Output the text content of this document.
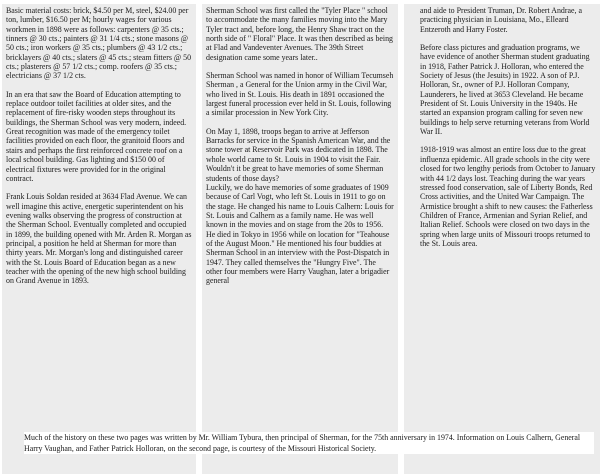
Basic material costs: brick, $4.50 per M, steel, $24.00 per ton, lumber, $16.50 per M; hourly wages for various workmen in 1898 were as follows: carpenters @ 35 cts.; tinners @ 30 cts.; painters @ 31 1/4 cts.; stone masons @ 50 cts.; iron workers @ 35 cts.; plumbers @ 43 1/2 cts.; bricklayers @ 40 cts.; slaters @ 45 cts.; steam fitters @ 50 cts.; plasterers @ 57 1/2 cts.; comp. roofers @ 35 cts.; electricians @ 37 1/2 cts.

In an era that saw the Board of Education attempting to replace outdoor toilet facilities at older sites, and the replacement of fire-risky wooden steps throughout its buildings, the Sherman School was very modern, indeed. Great recognition was made of the emergency toilet facilities provided on each floor, the granitoid floors and stairs and perhaps the first reinforced concrete roof on a local school building. Gas lighting and $150 00 of electrical fixtures were provided for in the original contract.

Frank Louis Soldan resided at 3634 Flad Avenue. We can well imagine this active, energetic superintendent on his evening walks observing the progress of construction at the Sherman School. Eventually completed and occupied in 1899, the building opened with Mr. Arden R. Morgan as principal, a position he held at Sherman for more than thirty years. Mr. Morgan's long and distinguished career with the St. Louis Board of Education began as a new teacher with the opening of the new high school building on Grand Avenue in 1893.

Sherman School was first called the "Tyler Place " school to accommodate the many families moving into the Mary Tyler tract and, before long, the Henry Shaw tract on the north side of " Floral" Place. It was then described as being at Flad and Vandeventer Avenues. The 39th Street designation came some years later..

Sherman School was named in honor of William Tecumseh Sherman , a General for the Union army in the Civil War, who lived in St. Louis. His death in 1891 occasioned the largest funeral procession ever held in St. Louis, following a similar procession in New York City.

On May 1, 1898, troops began to arrive at Jefferson Barracks for service in the Spanish American War, and the stone tower at Reservoir Park was dedicated in 1898. The whole world came to St. Louis in 1904 to visit the Fair. Wouldn't it be great to have memories of some Sherman students of those days?
Luckily, we do have memories of some graduates of 1909 because of Carl Vogt, who left St. Louis in 1911 to go on the stage. He changed his name to Louis Calhern: Louis for St. Louis and Calhern as a family name. He was well known in the movies and on stage from the 20s to 1956. He died in Tokyo in 1956 while on location for "Teahouse of the August Moon." He mentioned his four buddies at Sherman School in an interview with the Post-Dispatch in 1947. They called themselves the "Hungry Five". The other four members were Harry Vaughan, later a brigadier general

and aide to President Truman, Dr. Robert Andrae, a practicing physician in Louisiana, Mo., Elleard Entzeroth and Harry Foster.

Before class pictures and graduation programs, we have evidence of another Sherman student graduating in 1918, Father Patrick J. Holloran, who entered the Society of Jesus (the Jesuits) in 1922. A son of P.J. Holloran, Sr., owner of P.J. Holloran Company, Launderers, he lived at 3653 Cleveland. He became President of St. Louis University in the 1940s. He started an expansion program calling for seven new buildings to help serve returning veterans from World War II.

1918-1919 was almost an entire loss due to the great influenza epidemic. All grade schools in the city were closed for two lengthy periods from October to January with 44 1/2 days lost. Teaching during the war years stressed food conservation, sale of Liberty Bonds, Red Cross activities, and the United War Campaign. The Armistice brought a shift to new causes: the Fatherless Children of France, Armenian and Syrian Relief, and Italian Relief. Schools were closed on two days in the spring when large units of Missouri troops returned to the St. Louis area.

Much of the history on these two pages was written by Mr. William Tybura, then principal of Sherman, for the 75th anniversary in 1974. Information on Louis Calhern, General Harry Vaughan, and Father Patrick Holloran, on the second page, is courtesy of the Missouri Historical Society.
